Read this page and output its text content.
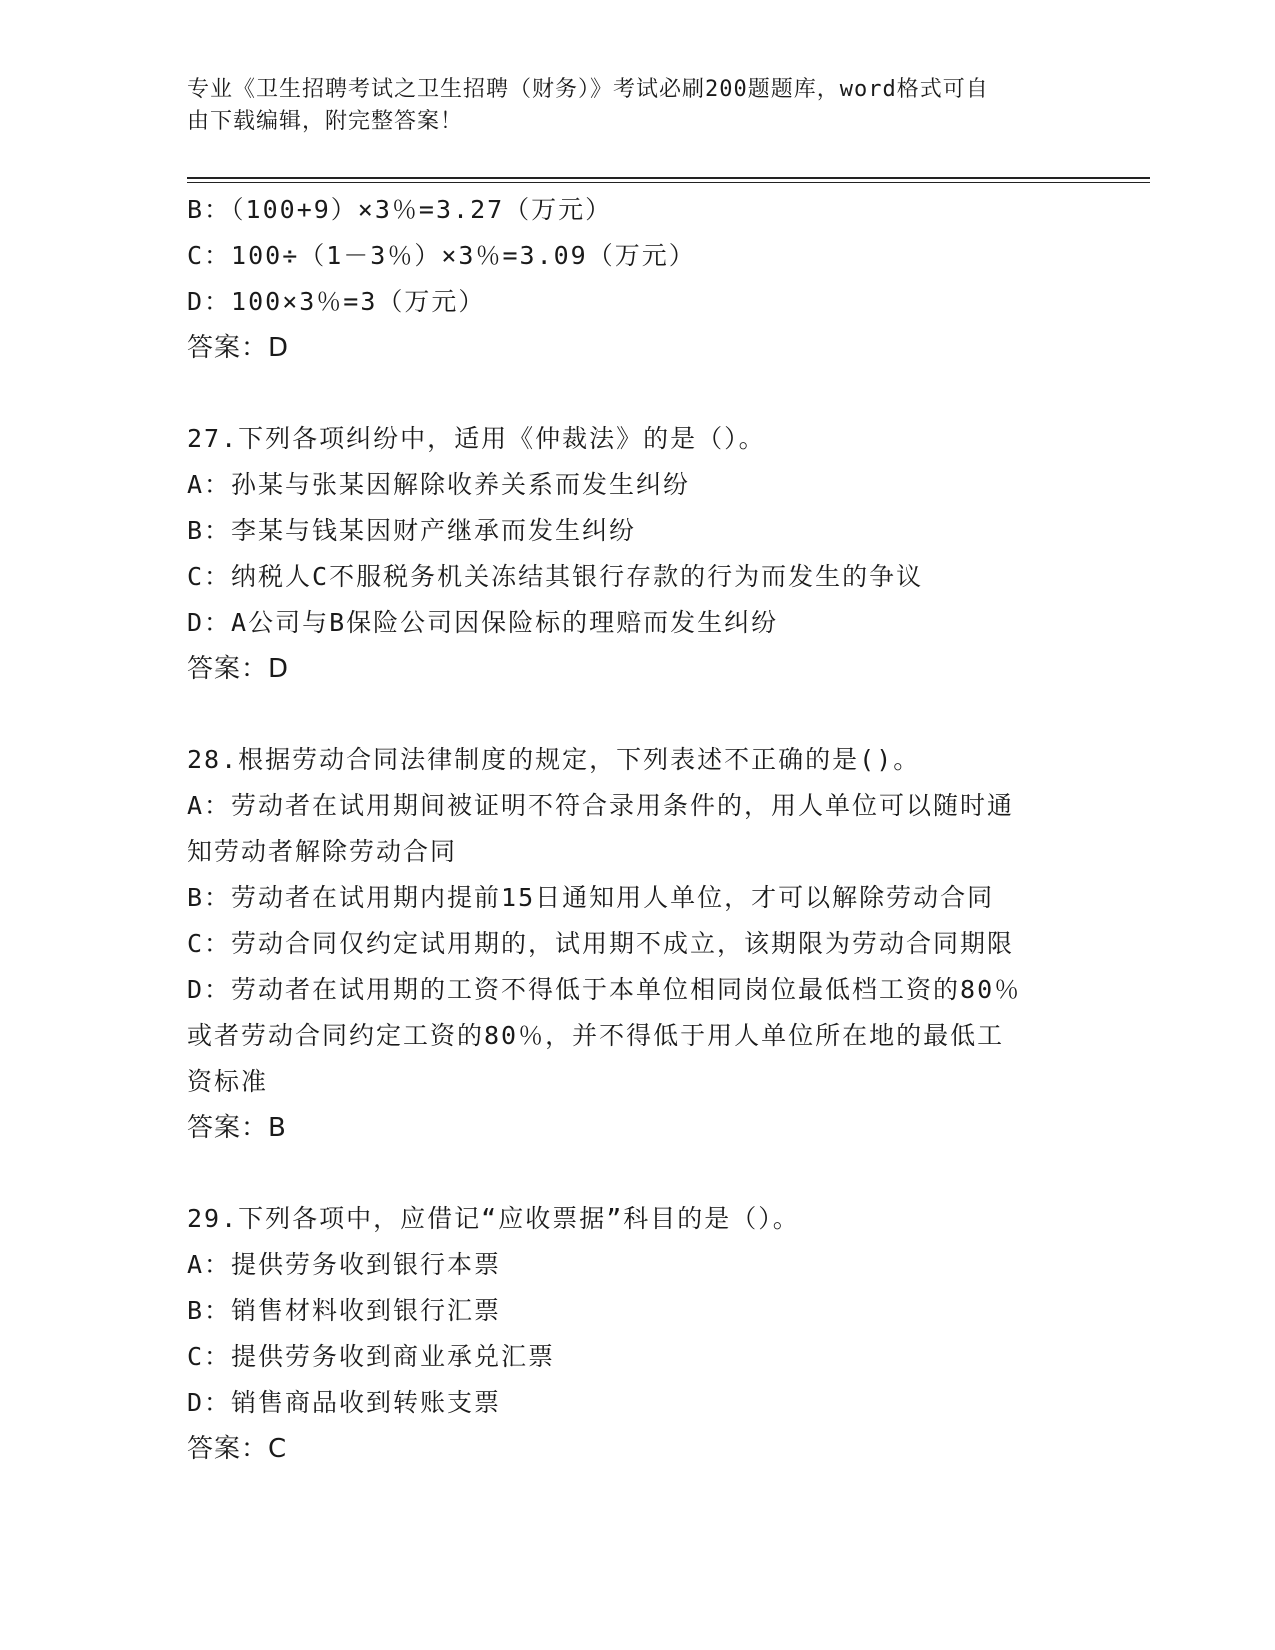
专业《卫生招聘考试之卫生招聘（财务）》考试必刷200题题库，word格式可自
由下载编辑，附完整答案！
B：（100+9）×3％=3.27（万元）
C：100÷（1－3％）×3％=3.09（万元）
D：100×3％=3（万元）
答案：D
27.下列各项纠纷中，适用《仲裁法》的是（）。
A：孙某与张某因解除收养关系而发生纠纷
B：李某与钱某因财产继承而发生纠纷
C：纳税人C不服税务机关冻结其银行存款的行为而发生的争议
D：A公司与B保险公司因保险标的理赔而发生纠纷
答案：D
28.根据劳动合同法律制度的规定，下列表述不正确的是()。
A：劳动者在试用期间被证明不符合录用条件的，用人单位可以随时通
知劳动者解除劳动合同
B：劳动者在试用期内提前15日通知用人单位，才可以解除劳动合同
C：劳动合同仅约定试用期的，试用期不成立，该期限为劳动合同期限
D：劳动者在试用期的工资不得低于本单位相同岗位最低档工资的80％
或者劳动合同约定工资的80％，并不得低于用人单位所在地的最低工
资标准
答案：B
29.下列各项中，应借记“应收票据”科目的是（）。
A：提供劳务收到银行本票
B：销售材料收到银行汇票
C：提供劳务收到商业承兑汇票
D：销售商品收到转账支票
答案：C
